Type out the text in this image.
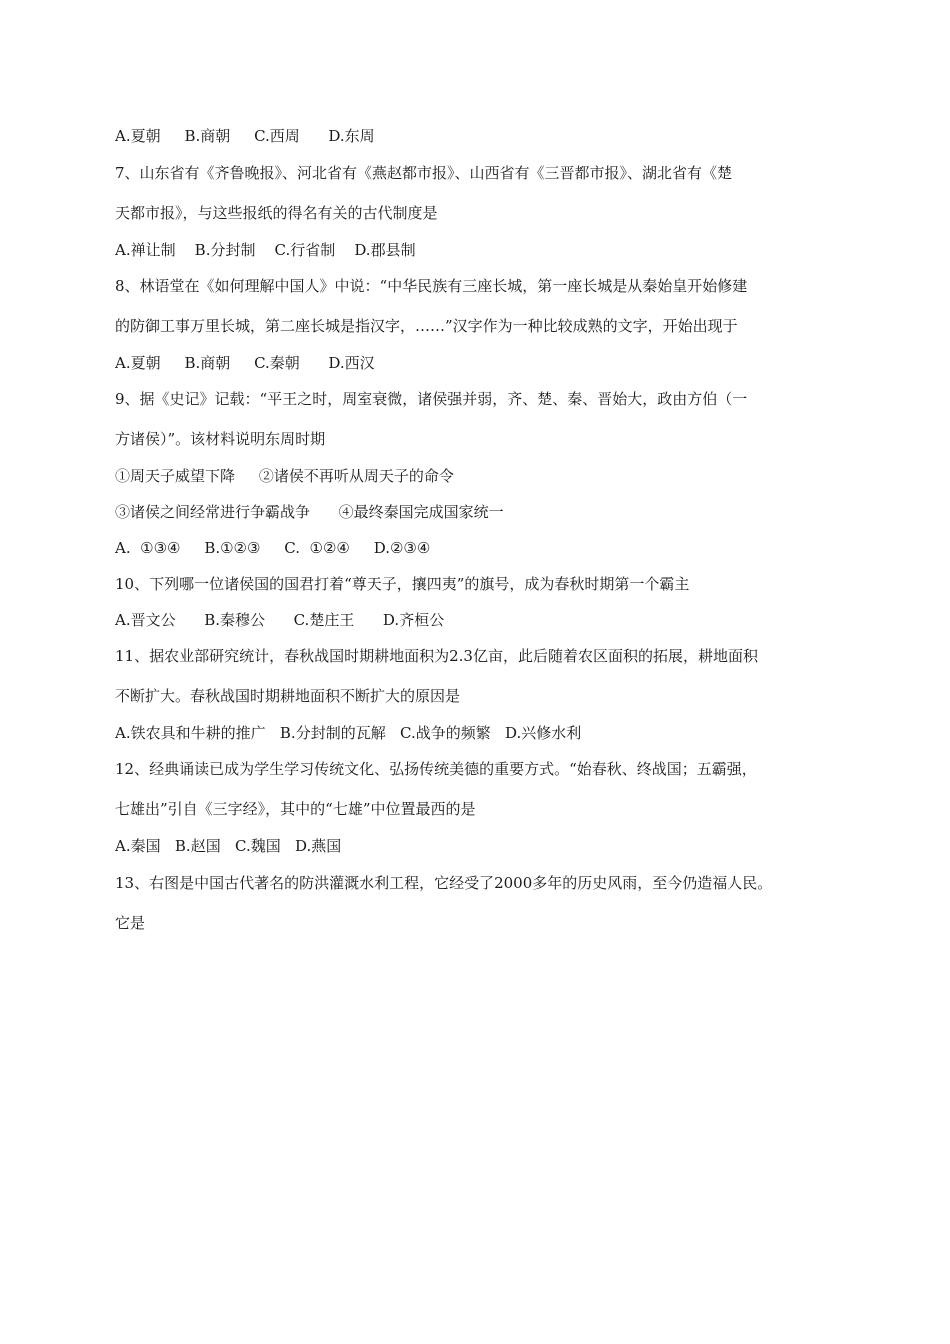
A.夏朝     B.商朝     C.西周      D.东周
7、山东省有《齐鲁晚报》、河北省有《燕赵都市报》、山西省有《三晋都市报》、湖北省有《楚
天都市报》，与这些报纸的得名有关的古代制度是
A.禅让制    B.分封制    C.行省制    D.郡县制
8、林语堂在《如何理解中国人》中说：“中华民族有三座长城，第一座长城是从秦始皇开始修建
的防御工事万里长城，第二座长城是指汉字，……”汉字作为一种比较成熟的文字，开始出现于
A.夏朝     B.商朝     C.秦朝      D.西汉
9、据《史记》记载：“平王之时，周室衰微，诸侯强并弱，齐、楚、秦、晋始大，政由方伯（一
方诸侯）”。该材料说明东周时期
①周天子威望下降     ②诸侯不再听从周天子的命令
③诸侯之间经常进行争霸战争      ④最终秦国完成国家统一
A.  ①③④     B.①②③     C.  ①②④     D.②③④
10、下列哪一位诸侯国的国君打着“尊天子，攘四夷”的旗号，成为春秋时期第一个霸主
A.晋文公      B.秦穆公      C.楚庄王      D.齐桓公
11、据农业部研究统计，春秋战国时期耕地面积为2.3亿亩，此后随着农区面积的拓展，耕地面积
不断扩大。春秋战国时期耕地面积不断扩大的原因是
A.铁农具和牛耕的推广   B.分封制的瓦解   C.战争的频繁   D.兴修水利
12、经典诵读已成为学生学习传统文化、弘扬传统美德的重要方式。“始春秋、终战国；五霸强，
七雄出”引自《三字经》，其中的“七雄”中位置最西的是
A.秦国   B.赵国   C.魏国   D.燕国
13、右图是中国古代著名的防洪灌溉水利工程，它经受了2000多年的历史风雨，至今仍造福人民。
它是
